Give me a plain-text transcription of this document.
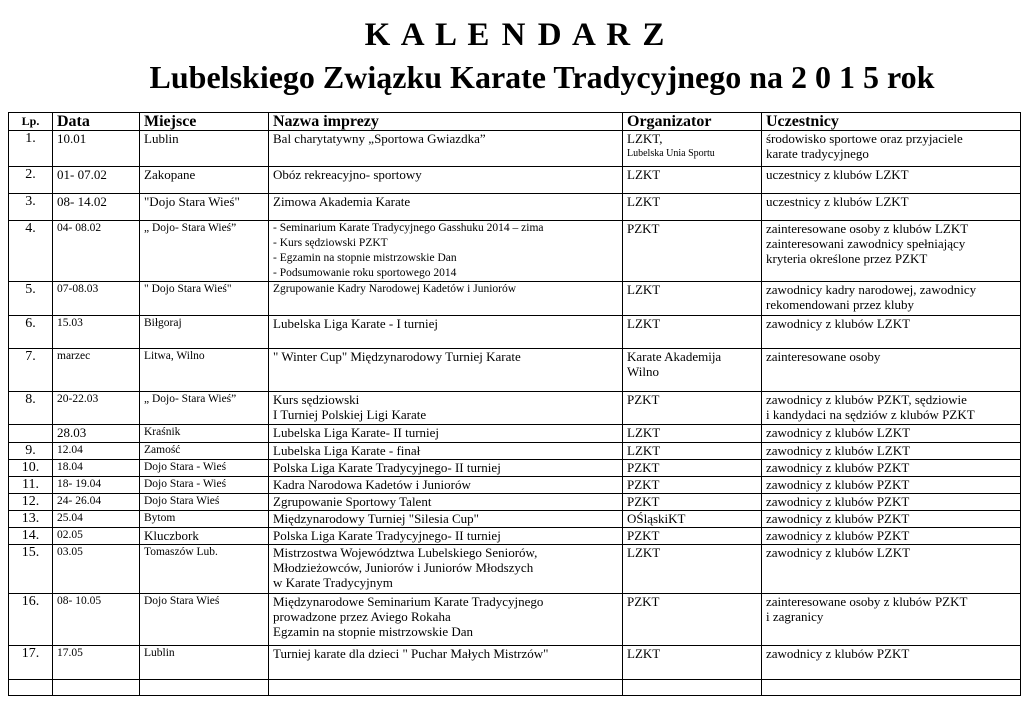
K A L E N D A R Z
Lubelskiego Związku Karate Tradycyjnego na 2 0 1 5 rok
Lp.	Data	Miejsce	Nazwa imprezy	Organizator	Uczestnicy

1.	10.01	Lublin	Bal charytatywny „Sportowa Gwiazdka”	LZKT,
Lubelska Unia Sportu	środowisko sportowe oraz przyjaciele
karate tradycyjnego

2.	01- 07.02	Zakopane	Obóz rekreacyjno- sportowy	LZKT	uczestnicy z klubów LZKT

3.	08- 14.02	"Dojo Stara Wieś"	Zimowa Akademia Karate	LZKT	uczestnicy z klubów LZKT

4.	04- 08.02	„ Dojo- Stara Wieś”	- Seminarium Karate Tradycyjnego Gasshuku 2014 – zima
- Kurs sędziowski PZKT
- Egzamin na stopnie mistrzowskie Dan
- Podsumowanie roku sportowego 2014	PZKT	zainteresowane osoby z klubów LZKT
zainteresowani zawodnicy spełniający
kryteria określone przez PZKT

5.	07-08.03	" Dojo Stara Wieś"	Zgrupowanie Kadry Narodowej Kadetów i Juniorów	LZKT	zawodnicy kadry narodowej, zawodnicy
rekomendowani przez kluby

6.	15.03	Biłgoraj	Lubelska Liga Karate - I turniej	LZKT	zawodnicy z klubów LZKT

7.	marzec	Litwa, Wilno	" Winter Cup" Międzynarodowy Turniej Karate	Karate Akademija
Wilno	zainteresowane osoby

8.	20-22.03	„ Dojo- Stara Wieś”	Kurs sędziowski
I Turniej Polskiej Ligi Karate	PZKT	zawodnicy z klubów PZKT, sędziowie
i kandydaci na sędziów z klubów PZKT

	28.03	Kraśnik	Lubelska Liga Karate- II turniej	LZKT	zawodnicy z klubów LZKT

9.	12.04	Zamość	Lubelska Liga Karate - finał	LZKT	zawodnicy z klubów LZKT

10.	18.04	Dojo Stara - Wieś	Polska Liga Karate Tradycyjnego- II turniej	PZKT	zawodnicy z klubów PZKT

11.	18- 19.04	Dojo Stara - Wieś	Kadra Narodowa Kadetów i Juniorów	PZKT	zawodnicy z klubów PZKT

12.	24- 26.04	Dojo Stara Wieś	Zgrupowanie Sportowy Talent	PZKT	zawodnicy z klubów PZKT

13.	25.04	Bytom	Międzynarodowy Turniej "Silesia Cup"	OŚląskiKT	zawodnicy z klubów PZKT

14.	02.05	Kluczbork	Polska Liga Karate Tradycyjnego- II turniej	PZKT	zawodnicy z klubów PZKT

15.	03.05	Tomaszów Lub.	Mistrzostwa Województwa Lubelskiego Seniorów,
Młodzieżowców, Juniorów i Juniorów Młodszych
w Karate Tradycyjnym	LZKT	zawodnicy z klubów LZKT

16.	08- 10.05	Dojo Stara Wieś	Międzynarodowe Seminarium Karate Tradycyjnego
prowadzone przez Aviego Rokaha
Egzamin na stopnie mistrzowskie Dan	PZKT	zainteresowane osoby z klubów PZKT
i zagranicy

17.	17.05	Lublin	Turniej karate dla dzieci " Puchar Małych Mistrzów"	LZKT	zawodnicy z klubów PZKT
